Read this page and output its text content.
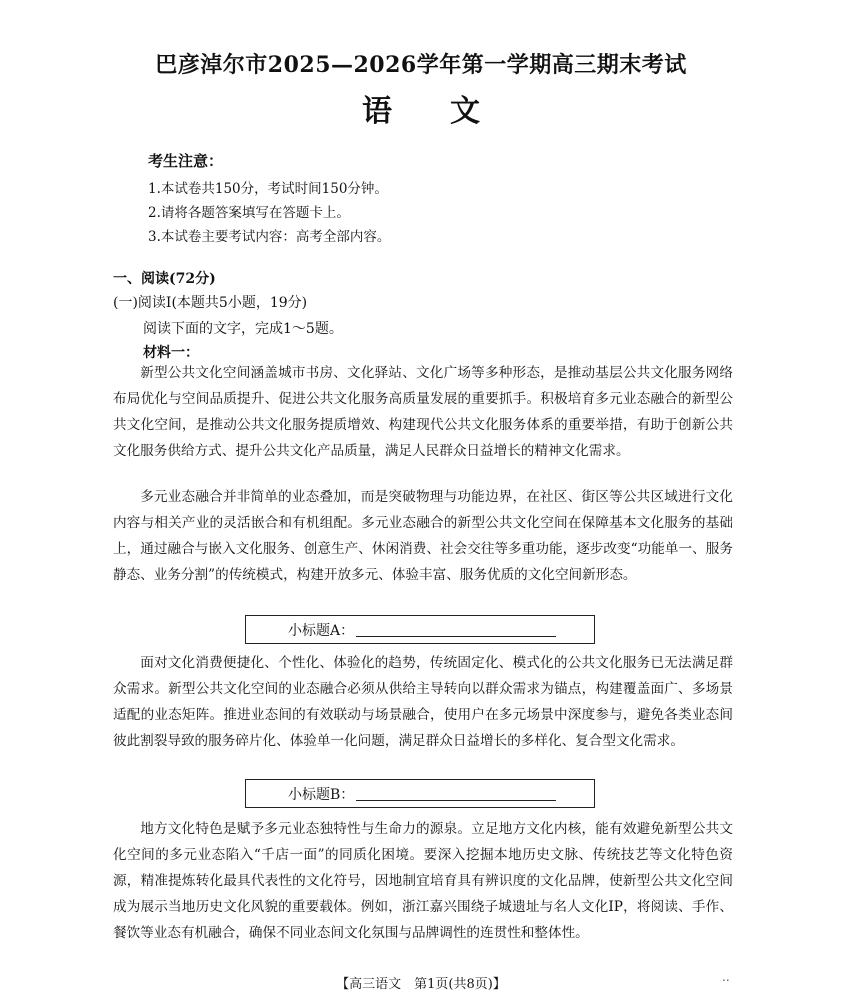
巴彦淖尔市2025—2026学年第一学期高三期末考试
语文
考生注意：
1.本试卷共150分，考试时间150分钟。
2.请将各题答案填写在答题卡上。
3.本试卷主要考试内容：高考全部内容。
一、阅读(72分)
(一)阅读Ⅰ(本题共5小题，19分)
阅读下面的文字，完成1～5题。
材料一：

新型公共文化空间涵盖城市书房、文化驿站、文化广场等多种形态，是推动基层公共文化服务网络布局优化与空间品质提升、促进公共文化服务高质量发展的重要抓手。积极培育多元业态融合的新型公共文化空间，是推动公共文化服务提质增效、构建现代公共文化服务体系的重要举措，有助于创新公共文化服务供给方式、提升公共文化产品质量，满足人民群众日益增长的精神文化需求。

多元业态融合并非简单的业态叠加，而是突破物理与功能边界，在社区、街区等公共区域进行文化内容与相关产业的灵活嵌合和有机组配。多元业态融合的新型公共文化空间在保障基本文化服务的基础上，通过融合与嵌入文化服务、创意生产、休闲消费、社会交往等多重功能，逐步改变“功能单一、服务静态、业务分割”的传统模式，构建开放多元、体验丰富、服务优质的文化空间新形态。

小标题A：

面对文化消费便捷化、个性化、体验化的趋势，传统固定化、模式化的公共文化服务已无法满足群众需求。新型公共文化空间的业态融合必须从供给主导转向以群众需求为锚点，构建覆盖面广、多场景适配的业态矩阵。推进业态间的有效联动与场景融合，使用户在多元场景中深度参与，避免各类业态间彼此割裂导致的服务碎片化、体验单一化问题，满足群众日益增长的多样化、复合型文化需求。

小标题B：

地方文化特色是赋予多元业态独特性与生命力的源泉。立足地方文化内核，能有效避免新型公共文化空间的多元业态陷入“千店一面”的同质化困境。要深入挖掘本地历史文脉、传统技艺等文化特色资源，精准提炼转化最具代表性的文化符号，因地制宜培育具有辨识度的文化品牌，使新型公共文化空间成为展示当地历史文化风貌的重要载体。例如，浙江嘉兴围绕子城遗址与名人文化IP，将阅读、手作、餐饮等业态有机融合，确保不同业态间文化氛围与品牌调性的连贯性和整体性。

【高三语文　第1页(共8页)】	..
